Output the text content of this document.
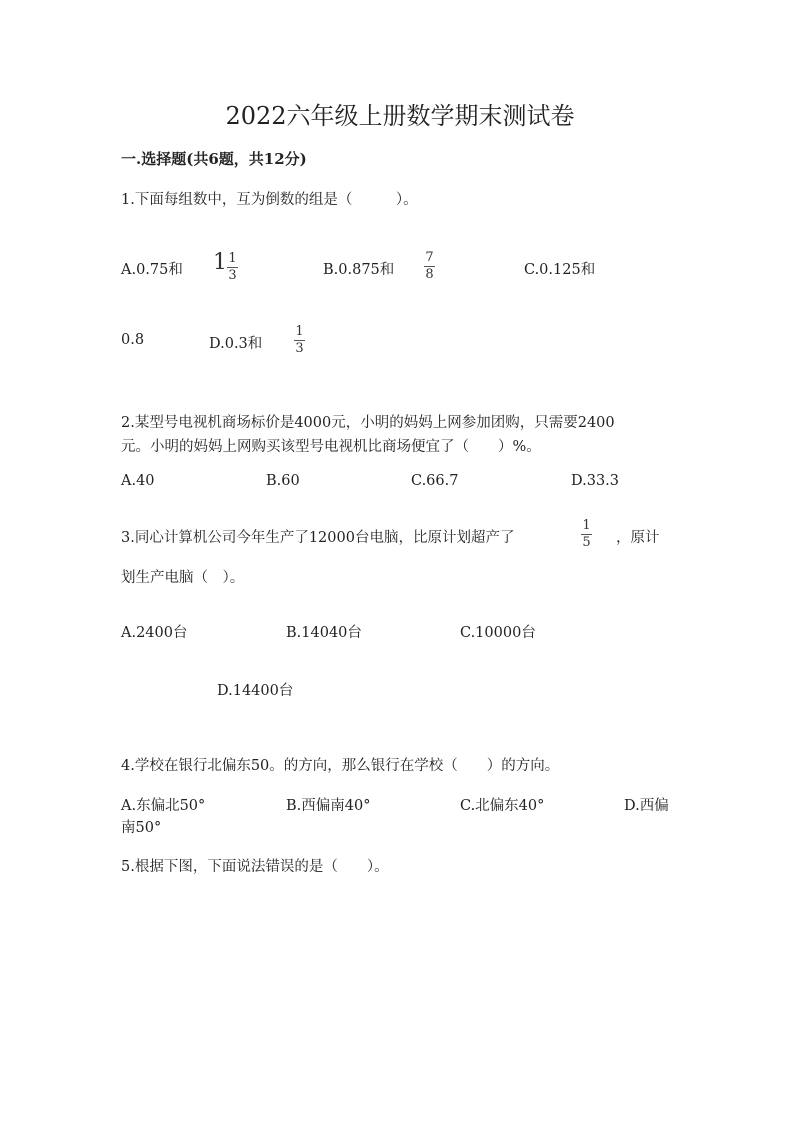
2022六年级上册数学期末测试卷
一.选择题(共6题，共12分)
1.下面每组数中，互为倒数的组是（　　　）。
A.0.75和 1 1
3	B.0.875和
7
8	C.0.125和
0.8	D.0.3和
1
3
2.某型号电视机商场标价是4000元，小明的妈妈上网参加团购，只需要2400
元。小明的妈妈上网购买该型号电视机比商场便宜了（　　）%。
A.40	B.60	C.66.7	D.33.3
3.同心计算机公司今年生产了12000台电脑，比原计划超产了
1
5 ，原计
划生产电脑（　）。
A.2400台	B.14040台	C.10000台
D.14400台
4.学校在银行北偏东50。的方向，那么银行在学校（　　）的方向。
A.东偏北50°	B.西偏南40°	C.北偏东40°	D.西偏
南50°
5.根据下图，下面说法错误的是（　　）。
